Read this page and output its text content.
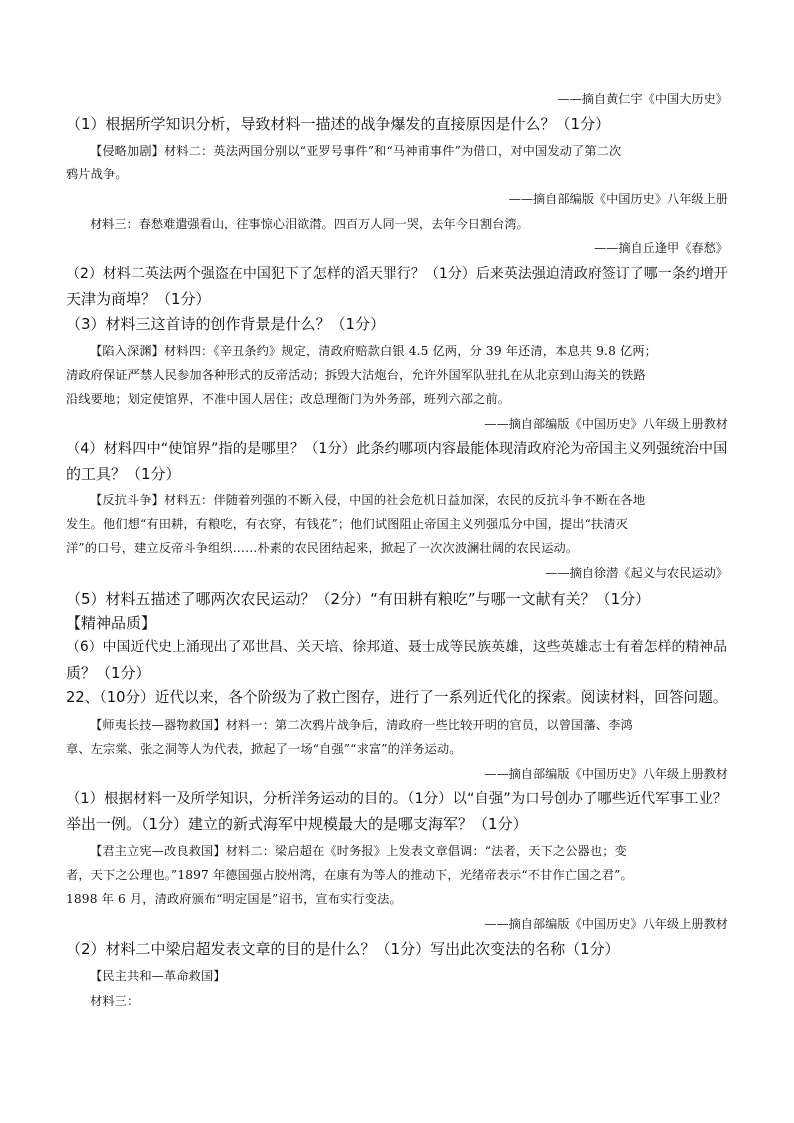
——摘自黄仁宇《中国大历史》
（1）根据所学知识分析，导致材料一描述的战争爆发的直接原因是什么？（1分）
【侵略加剧】材料二：英法两国分别以“亚罗号事件”和“马神甫事件”为借口，对中国发动了第二次
鸦片战争。
——摘自部编版《中国历史》八年级上册
材料三：春愁难遣强看山，往事惊心泪欲潸。四百万人同一哭，去年今日割台湾。
——摘自丘逢甲《春愁》
（2）材料二英法两个强盗在中国犯下了怎样的滔天罪行？（1分）后来英法强迫清政府签订了哪一条约增开
天津为商埠？（1分）
（3）材料三这首诗的创作背景是什么？（1分）
【陷入深渊】材料四：《辛丑条约》规定，清政府赔款白银 4.5 亿两，分 39 年还清，本息共 9.8 亿两；
清政府保证严禁人民参加各种形式的反帝活动；拆毁大沽炮台，允许外国军队驻扎在从北京到山海关的铁路
沿线要地；划定使馆界，不准中国人居住；改总理衙门为外务部，班列六部之前。
——摘自部编版《中国历史》八年级上册教材
（4）材料四中“使馆界”指的是哪里？（1分）此条约哪项内容最能体现清政府沦为帝国主义列强统治中国
的工具？（1分）
【反抗斗争】材料五：伴随着列强的不断入侵，中国的社会危机日益加深，农民的反抗斗争不断在各地
发生。他们想“有田耕，有粮吃，有衣穿，有钱花”；他们试图阻止帝国主义列强瓜分中国，提出“扶清灭
洋”的口号，建立反帝斗争组织……朴素的农民团结起来，掀起了一次次波澜壮阔的农民运动。
——摘自徐潜《起义与农民运动》
（5）材料五描述了哪两次农民运动？（2分）“有田耕有粮吃”与哪一文献有关？（1分）
【精神品质】
（6）中国近代史上涌现出了邓世昌、关天培、徐邦道、聂士成等民族英雄，这些英雄志士有着怎样的精神品
质？（1分）
22、（10分）近代以来，各个阶级为了救亡图存，进行了一系列近代化的探索。阅读材料，回答问题。
【师夷长技—器物救国】材料一：第二次鸦片战争后，清政府一些比较开明的官员，以曾国藩、李鸿
章、左宗棠、张之洞等人为代表，掀起了一场“自强”“求富”的洋务运动。
——摘自部编版《中国历史》八年级上册教材
（1）根据材料一及所学知识，分析洋务运动的目的。（1分）以“自强”为口号创办了哪些近代军事工业？
举出一例。（1分）建立的新式海军中规模最大的是哪支海军？（1分）
【君主立宪—改良救国】材料二：梁启超在《时务报》上发表文章倡调：“法者，天下之公器也；变
者，天下之公理也。”1897 年德国强占胶州湾，在康有为等人的推动下，光绪帝表示“不甘作亡国之君”。
1898 年 6 月，清政府颁布“明定国是”诏书，宣布实行变法。
——摘自部编版《中国历史》八年级上册教材
（2）材料二中梁启超发表文章的目的是什么？（1分）写出此次变法的名称（1分）
【民主共和—革命救国】
材料三：
